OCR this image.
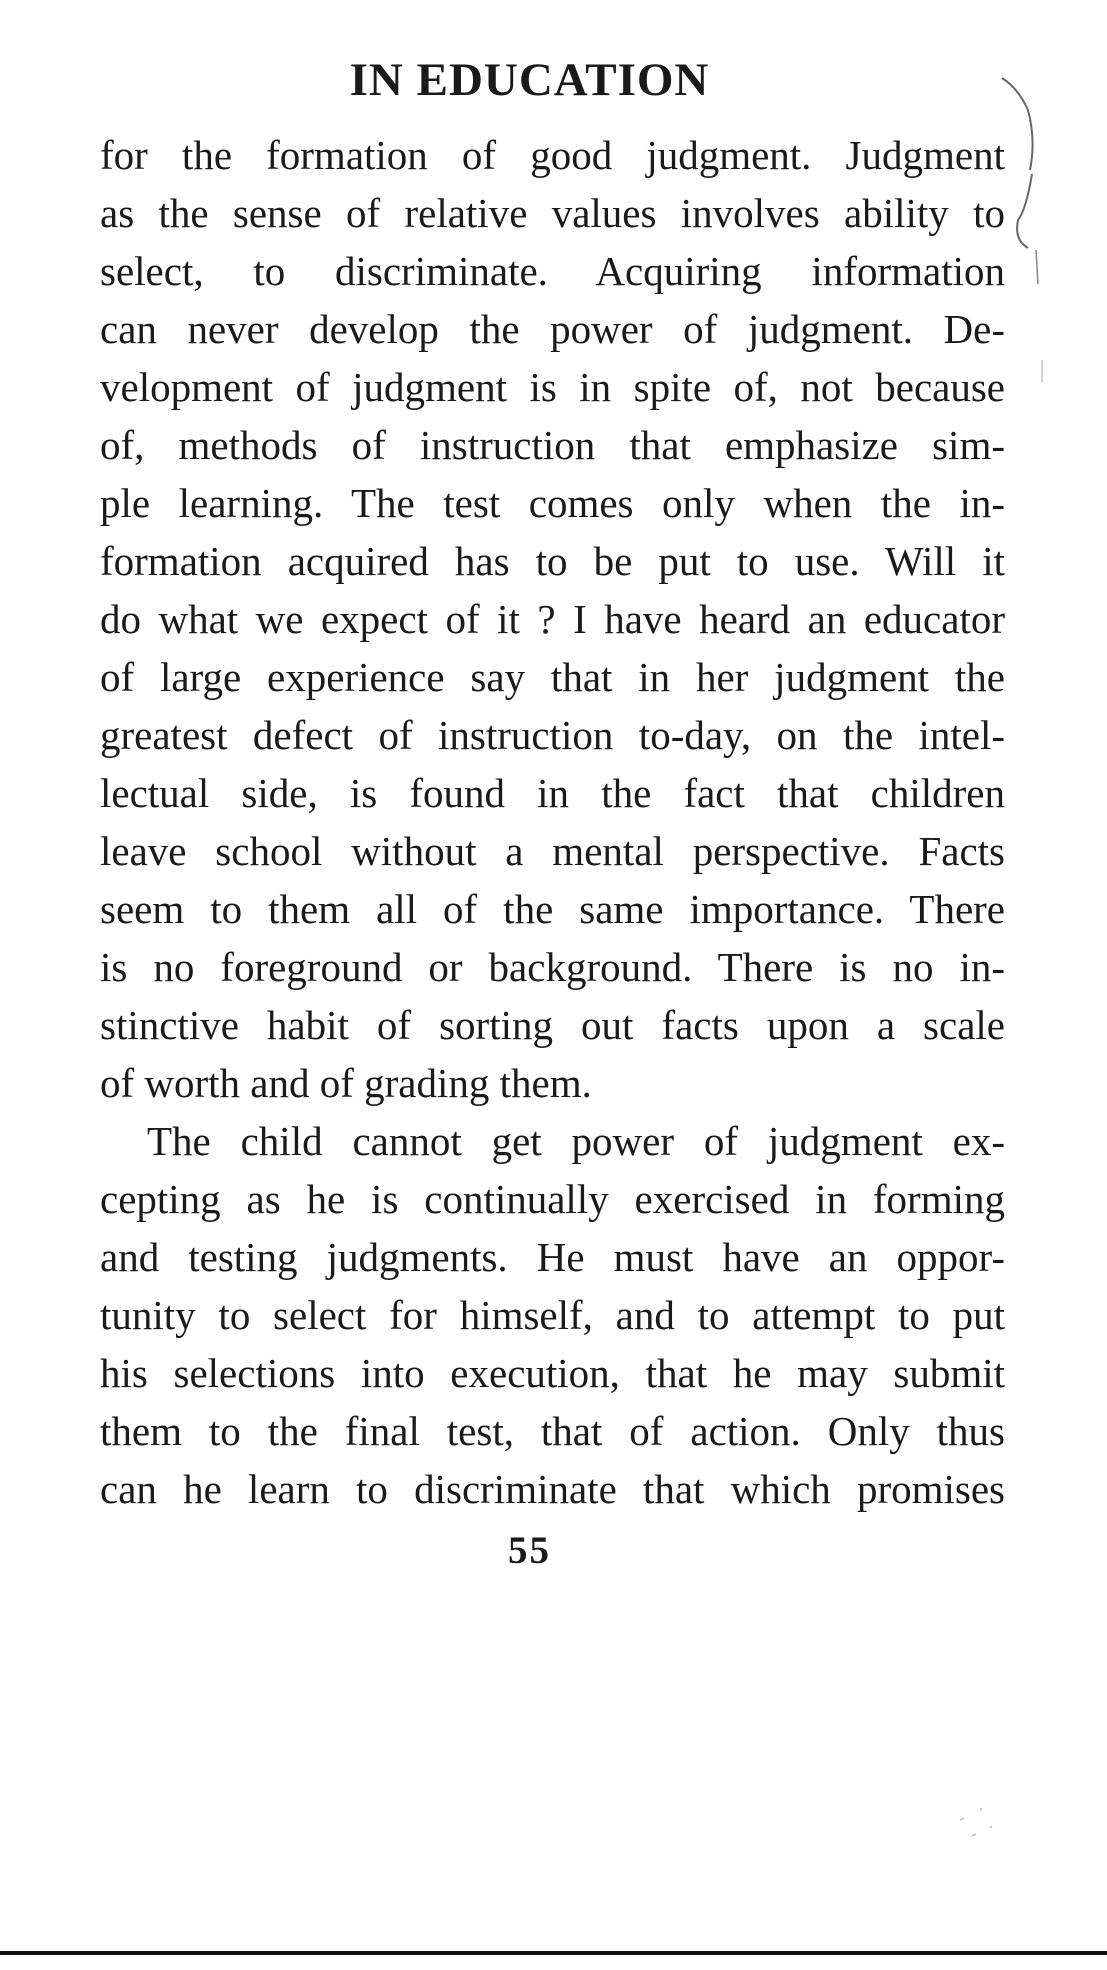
IN EDUCATION
for the formation of good judgment. Judgment
as the sense of relative values involves ability to
select, to discriminate. Acquiring information
can never develop the power of judgment. De-
velopment of judgment is in spite of, not because
of, methods of instruction that emphasize sim-
ple learning. The test comes only when the in-
formation acquired has to be put to use. Will it
do what we expect of it ? I have heard an educator
of large experience say that in her judgment the
greatest defect of instruction to-day, on the intel-
lectual side, is found in the fact that children
leave school without a mental perspective. Facts
seem to them all of the same importance. There
is no foreground or background. There is no in-
stinctive habit of sorting out facts upon a scale
of worth and of grading them.
The child cannot get power of judgment ex-
cepting as he is continually exercised in forming
and testing judgments. He must have an oppor-
tunity to select for himself, and to attempt to put
his selections into execution, that he may submit
them to the final test, that of action. Only thus
can he learn to discriminate that which promises
55
